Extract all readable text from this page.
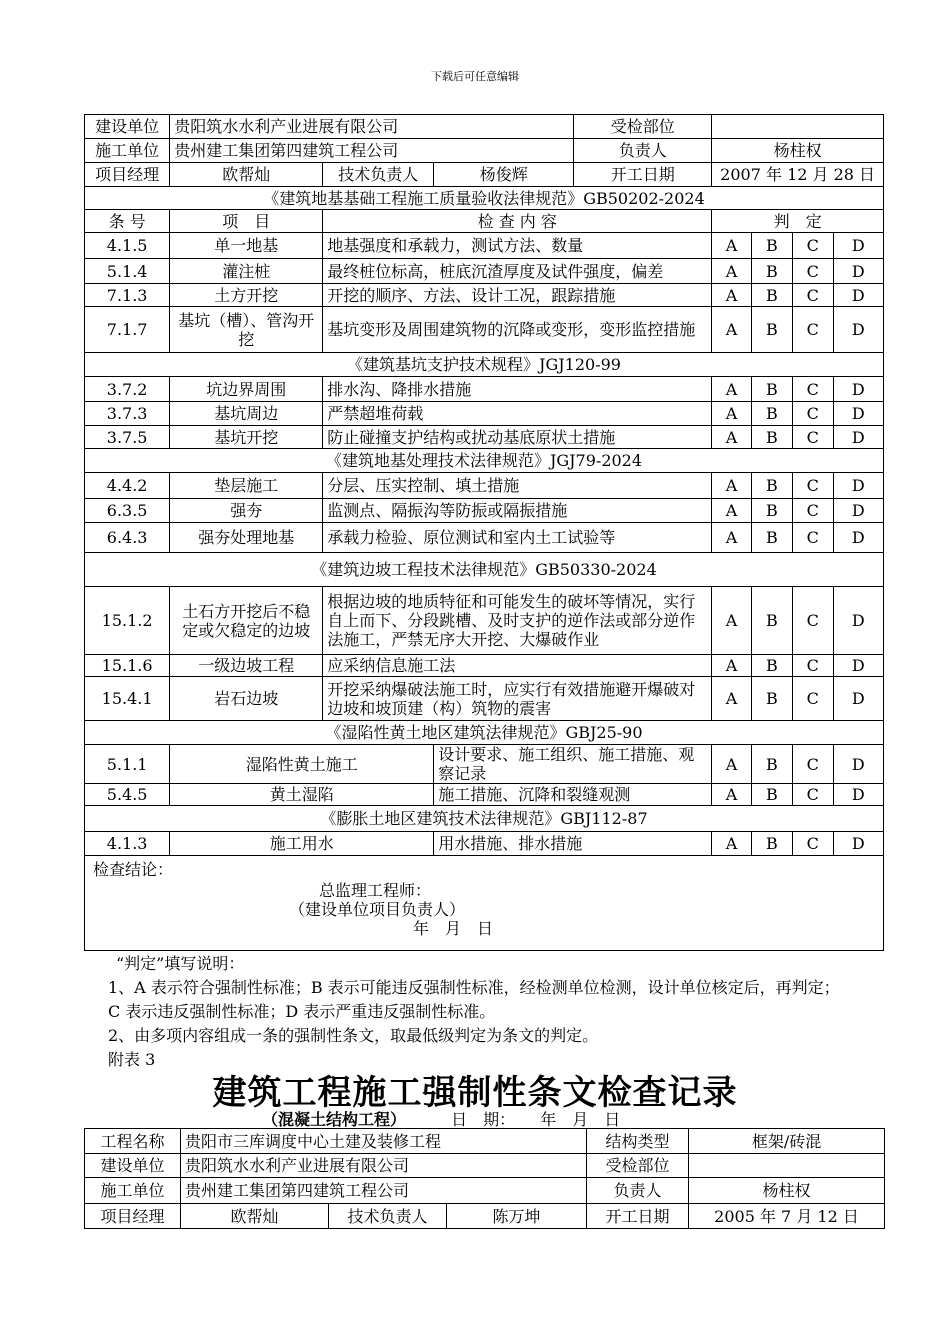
下载后可任意编辑
建设单位	贵阳筑水水利产业进展有限公司			受检部位				
施工单位	贵州建工集团第四建筑工程公司			负责人	杨柱权			
项目经理	欧帮灿	技术负责人	杨俊辉	开工日期	2007 年 12 月 28 日			
《建筑地基基础工程施工质量验收法律规范》GB50202-2024								
条 号	项　目	检 查 内 容			判　定			
4.1.5	单一地基	地基强度和承载力，测试方法、数量			A	B	C	D
5.1.4	灌注桩	最终桩位标高，桩底沉渣厚度及试件强度，偏差			A	B	C	D
7.1.3	土方开挖	开挖的顺序、方法、设计工况，跟踪措施			A	B	C	D
7.1.7	基坑（槽）、管沟开挖	基坑变形及周围建筑物的沉降或变形，变形监控措施			A	B	C	D
《建筑基坑支护技术规程》JGJ120-99								
3.7.2	坑边界周围	排水沟、降排水措施			A	B	C	D
3.7.3	基坑周边	严禁超堆荷载			A	B	C	D
3.7.5	基坑开挖	防止碰撞支护结构或扰动基底原状土措施			A	B	C	D
《建筑地基处理技术法律规范》JGJ79-2024								
4.4.2	垫层施工	分层、压实控制、填土措施			A	B	C	D
6.3.5	强夯	监测点、隔振沟等防振或隔振措施			A	B	C	D
6.4.3	强夯处理地基	承载力检验、原位测试和室内土工试验等			A	B	C	D
《建筑边坡工程技术法律规范》GB50330-2024								
15.1.2	土石方开挖后不稳定或欠稳定的边坡	根据边坡的地质特征和可能发生的破坏等情况，实行自上而下、分段跳槽、及时支护的逆作法或部分逆作法施工，严禁无序大开挖、大爆破作业			A	B	C	D
15.1.6	一级边坡工程	应采纳信息施工法			A	B	C	D
15.4.1	岩石边坡	开挖采纳爆破法施工时，应实行有效措施避开爆破对边坡和坡顶建（构）筑物的震害			A	B	C	D
《湿陷性黄土地区建筑法律规范》GBJ25-90								
5.1.1	湿陷性黄土施工		设计要求、施工组织、施工措施、观察记录		A	B	C	D
5.4.5	黄土湿陷		施工措施、沉降和裂缝观测		A	B	C	D
《膨胀土地区建筑技术法律规范》GBJ112-87								
4.1.3	施工用水		用水措施、排水措施		A	B	C	D

检查结论：
总监理工程师：
（建设单位项目负责人）
年　月　日								
“判定”填写说明：
1、A 表示符合强制性标准；B 表示可能违反强制性标准，经检测单位检测，设计单位核定后，再判定；C 表示违反强制性标准；D 表示严重违反强制性标准。
2、由多项内容组成一条的强制性条文，取最低级判定为条文的判定。
附表 3
建筑工程施工强制性条文检查记录
（混凝土结构工程）	日　期： 年　月　日
工程名称	贵阳市三库调度中心土建及装修工程			结构类型	框架/砖混
建设单位	贵阳筑水水利产业进展有限公司			受检部位	
施工单位	贵州建工集团第四建筑工程公司			负责人	杨柱权
项目经理	欧帮灿	技术负责人	陈万坤	开工日期	2005 年 7 月 12 日
